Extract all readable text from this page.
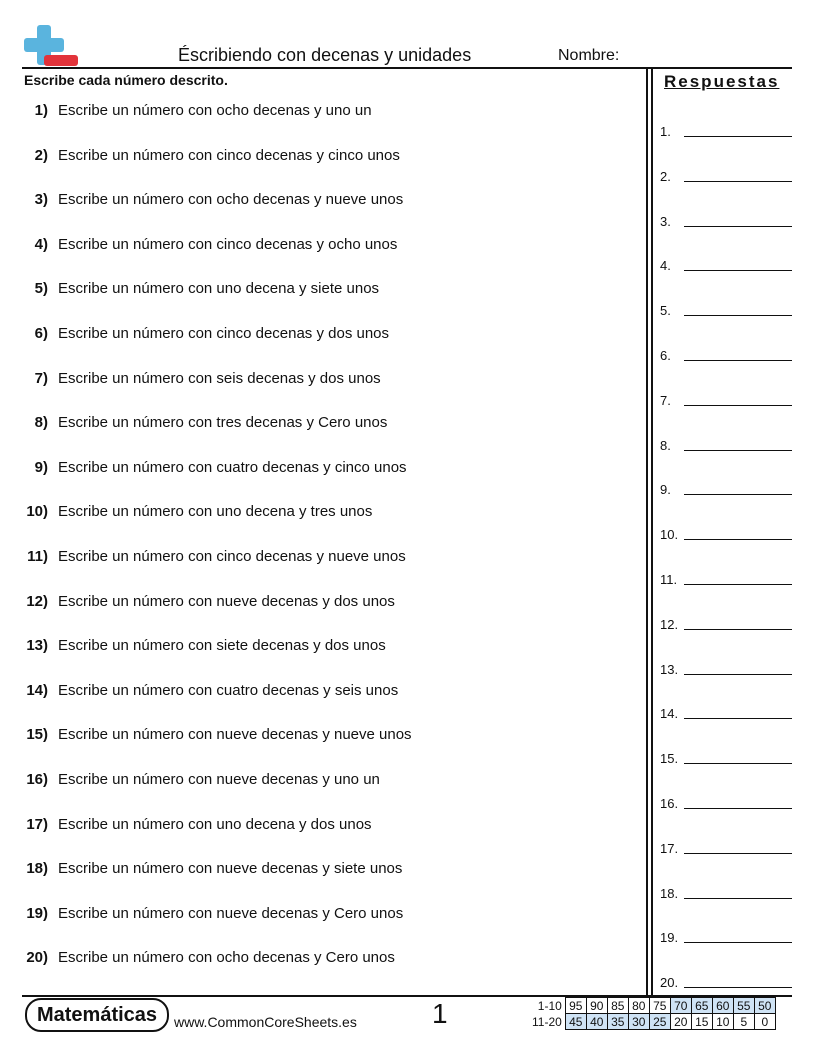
Éscribiendo con decenas y unidades	Nombre:
Escribe cada número descrito.	Respuestas
1) Escribe un número con ocho decenas y uno un
2) Escribe un número con cinco decenas y cinco unos
3) Escribe un número con ocho decenas y nueve unos
4) Escribe un número con cinco decenas y ocho unos
5) Escribe un número con uno decena y siete unos
6) Escribe un número con cinco decenas y dos unos
7) Escribe un número con seis decenas y dos unos
8) Escribe un número con tres decenas y Cero unos
9) Escribe un número con cuatro decenas y cinco unos
10) Escribe un número con uno decena y tres unos
11) Escribe un número con cinco decenas y nueve unos
12) Escribe un número con nueve decenas y dos unos
13) Escribe un número con siete decenas y dos unos
14) Escribe un número con cuatro decenas y seis unos
15) Escribe un número con nueve decenas y nueve unos
16) Escribe un número con nueve decenas y uno un
17) Escribe un número con uno decena y dos unos
18) Escribe un número con nueve decenas y siete unos
19) Escribe un número con nueve decenas y Cero unos
20) Escribe un número con ocho decenas y Cero unos
1.
2.
3.
4.
5.
6.
7.
8.
9.
10.
11.
12.
13.
14.
15.
16.
17.
18.
19.
20.
Matemáticas	www.CommonCoreSheets.es	1	1-10	95	90	85	80	75	70	65	60	55	50
11-20	45	40	35	30	25	20	15	10	5	0
